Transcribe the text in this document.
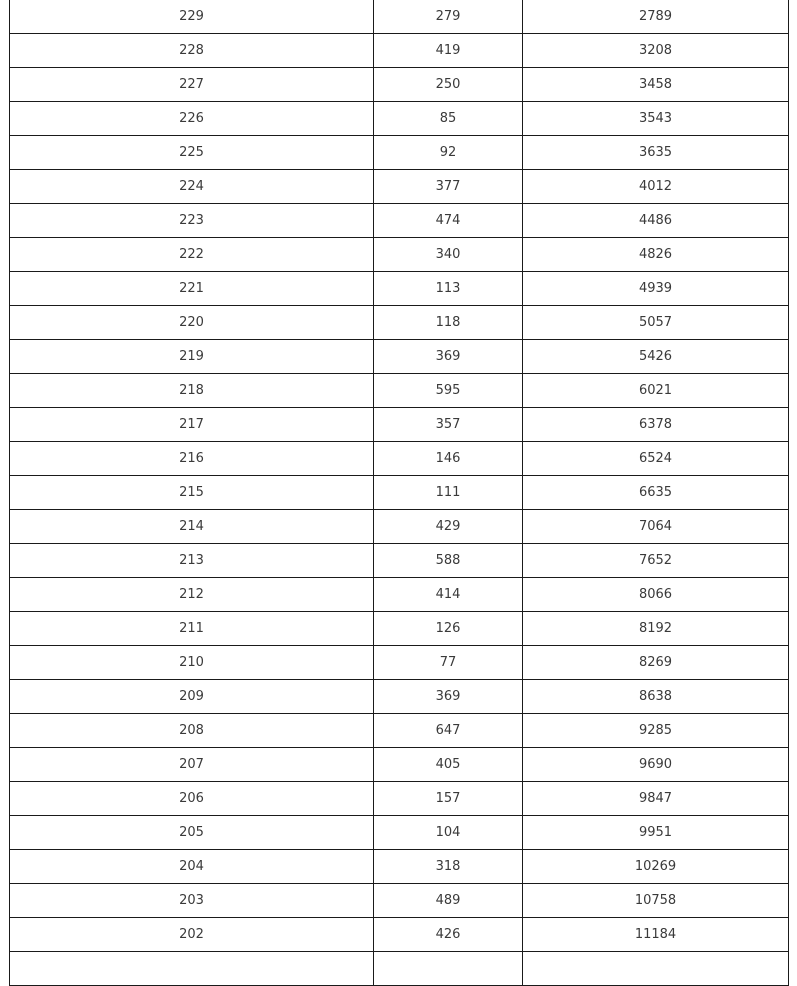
229	279	2789
228	419	3208
227	250	3458
226	85	3543
225	92	3635
224	377	4012
223	474	4486
222	340	4826
221	113	4939
220	118	5057
219	369	5426
218	595	6021
217	357	6378
216	146	6524
215	111	6635
214	429	7064
213	588	7652
212	414	8066
211	126	8192
210	77	8269
209	369	8638
208	647	9285
207	405	9690
206	157	9847
205	104	9951
204	318	10269
203	489	10758
202	426	11184
